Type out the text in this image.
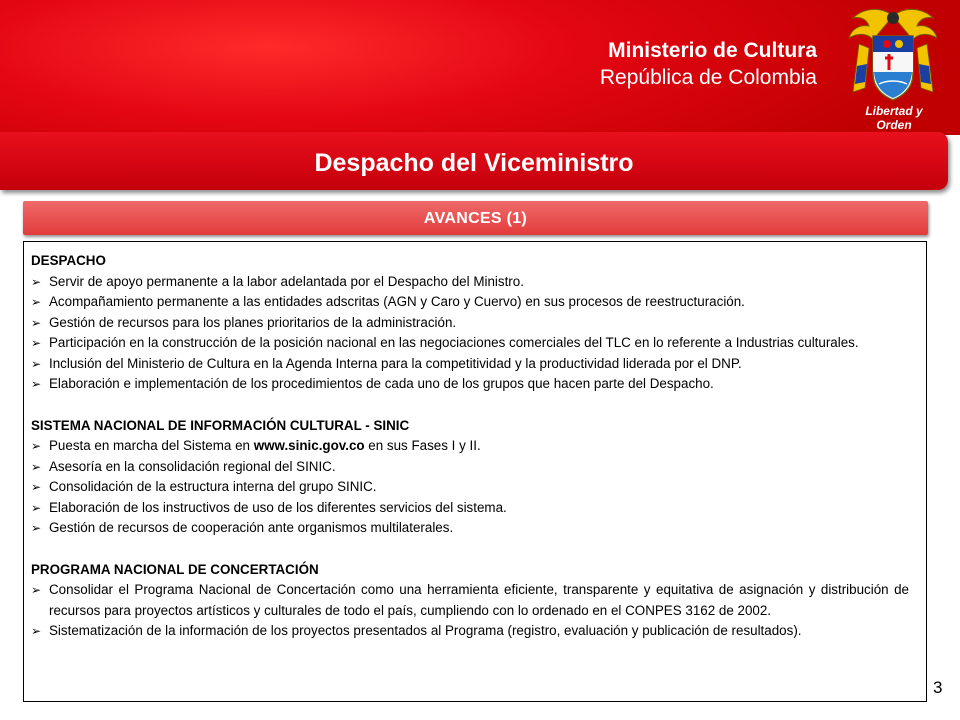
Ministerio de Cultura
República de Colombia
Libertad y Orden
Despacho del Viceministro
AVANCES (1)
DESPACHO
➢ Servir de apoyo permanente a la labor adelantada por el Despacho del Ministro.
➢ Acompañamiento permanente a las entidades adscritas (AGN y Caro y Cuervo) en sus procesos de reestructuración.
➢ Gestión de recursos para los planes prioritarios de la administración.
➢ Participación en la construcción de la posición nacional en las negociaciones comerciales del TLC en lo referente a Industrias culturales.
➢ Inclusión del Ministerio de Cultura en la Agenda Interna para la competitividad y la productividad liderada por el DNP.
➢ Elaboración e implementación de los procedimientos de cada uno de los grupos que hacen parte del Despacho.
SISTEMA NACIONAL DE INFORMACIÓN CULTURAL - SINIC
➢ Puesta en marcha del Sistema en www.sinic.gov.co en sus Fases I y II.
➢ Asesoría en la consolidación regional del SINIC.
➢ Consolidación de la estructura interna del grupo SINIC.
➢ Elaboración de los instructivos de uso de los diferentes servicios del sistema.
➢ Gestión de recursos de cooperación ante organismos multilaterales.
PROGRAMA NACIONAL DE CONCERTACIÓN
➢ Consolidar el Programa Nacional de Concertación como una herramienta eficiente, transparente y equitativa de asignación y distribución de recursos para proyectos artísticos y culturales de todo el país, cumpliendo con lo ordenado en el CONPES 3162 de 2002.
➢ Sistematización de la información de los proyectos presentados al Programa (registro, evaluación y publicación de resultados).
3
